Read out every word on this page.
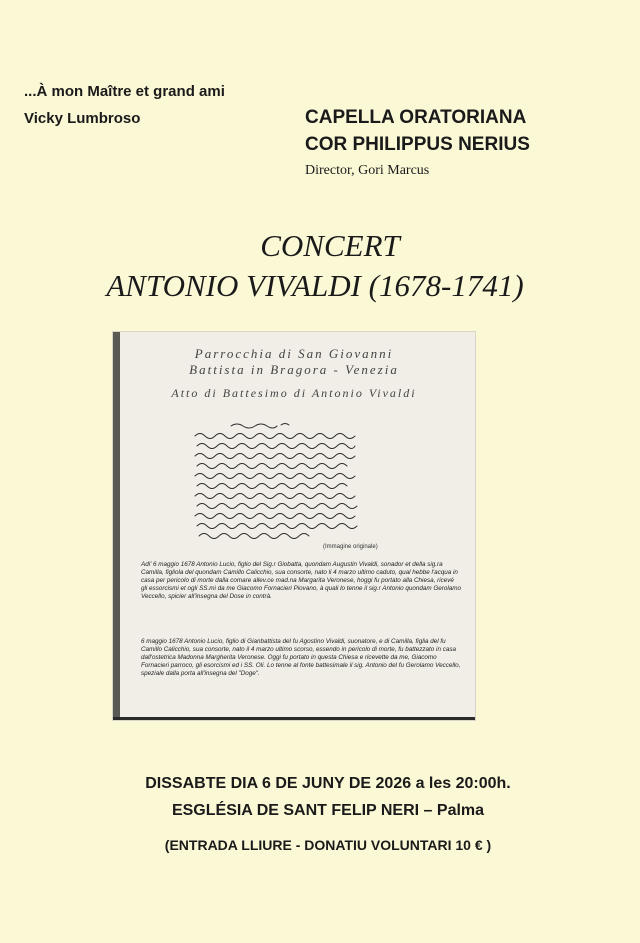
...À mon Maître et grand ami
Vicky Lumbroso	CAPELLA ORATORIANA
COR PHILIPPUS NERIUS
Director, Gori Marcus
CONCERT
ANTONIO VIVALDI (1678-1741)
Parrocchia di San Giovanni
Battista in Bragora - Venezia
Atto di Battesimo di Antonio Vivaldi
(Immagine originale)
Adi' 6 maggio 1678 Antonio Lucio, figlio del Sig.r Giobatta, quondam Augustin Vivaldi, sonador et della sig.ra Camilla, figliola del quondam Camillo Calicchio, sua consorte, nato li 4 marzo ultimo caduto, qual hebbe l'acqua in casa per pericolo di morte dalla comare allev.ce mad.na Margarita Veronese, hoggi fu portato alla Chiesa, ricevé gli essorcismi et ogli SS.mi da me Giacomo Fornacieri Piovano, à quali lo tenne il sig.r Antonio quondam Gerolamo Veccello, spicier all'insegna del Dose in contrà.
6 maggio 1678 Antonio Lucio, figlio di Gianbattista del fu Agostino Vivaldi, suonatore, e di Camilla, figlia del fu Camillo Calicchio, sua consorte, nato il 4 marzo ultimo scorso, essendo in pericolo di morte, fu battezzato in casa dall'ostetrica Madonna Margherita Veronese. Oggi fu portato in questa Chiesa e ricevette da me, Giacomo Fornacieri parroco, gli esorcismi ed i SS. Oli. Lo tenne al fonte battesimale il sig. Antonio del fu Gerolamo Veccello, speziale dalla porta all'insegna del "Doge".
DISSABTE DIA 6 DE JUNY DE 2026 a les 20:00h.
ESGLÉSIA DE SANT FELIP NERI – Palma
(ENTRADA LLIURE - DONATIU VOLUNTARI 10 € )
